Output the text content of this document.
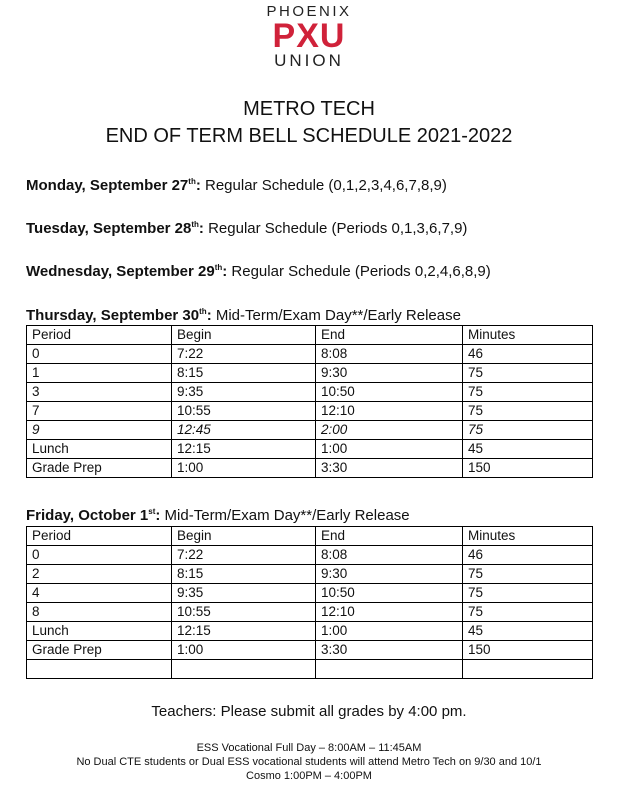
PHOENIX
PXU
UNION
METRO TECH
END OF TERM BELL SCHEDULE 2021-2022
Monday, September 27th: Regular Schedule (0,1,2,3,4,6,7,8,9)
Tuesday, September 28th: Regular Schedule (Periods 0,1,3,6,7,9)
Wednesday, September 29th: Regular Schedule (Periods 0,2,4,6,8,9)
Thursday, September 30th: Mid-Term/Exam Day**/Early Release
Period	Begin	End	Minutes
0	7:22	8:08	46
1	8:15	9:30	75
3	9:35	10:50	75
7	10:55	12:10	75
9	12:45	2:00	75
Lunch	12:15	1:00	45
Grade Prep	1:00	3:30	150
Friday, October 1st: Mid-Term/Exam Day**/Early Release
Period	Begin	End	Minutes
0	7:22	8:08	46
2	8:15	9:30	75
4	9:35	10:50	75
8	10:55	12:10	75
Lunch	12:15	1:00	45
Grade Prep	1:00	3:30	150

Teachers: Please submit all grades by 4:00 pm.
ESS Vocational Full Day – 8:00AM – 11:45AM
No Dual CTE students or Dual ESS vocational students will attend Metro Tech on 9/30 and 10/1
Cosmo 1:00PM – 4:00PM
